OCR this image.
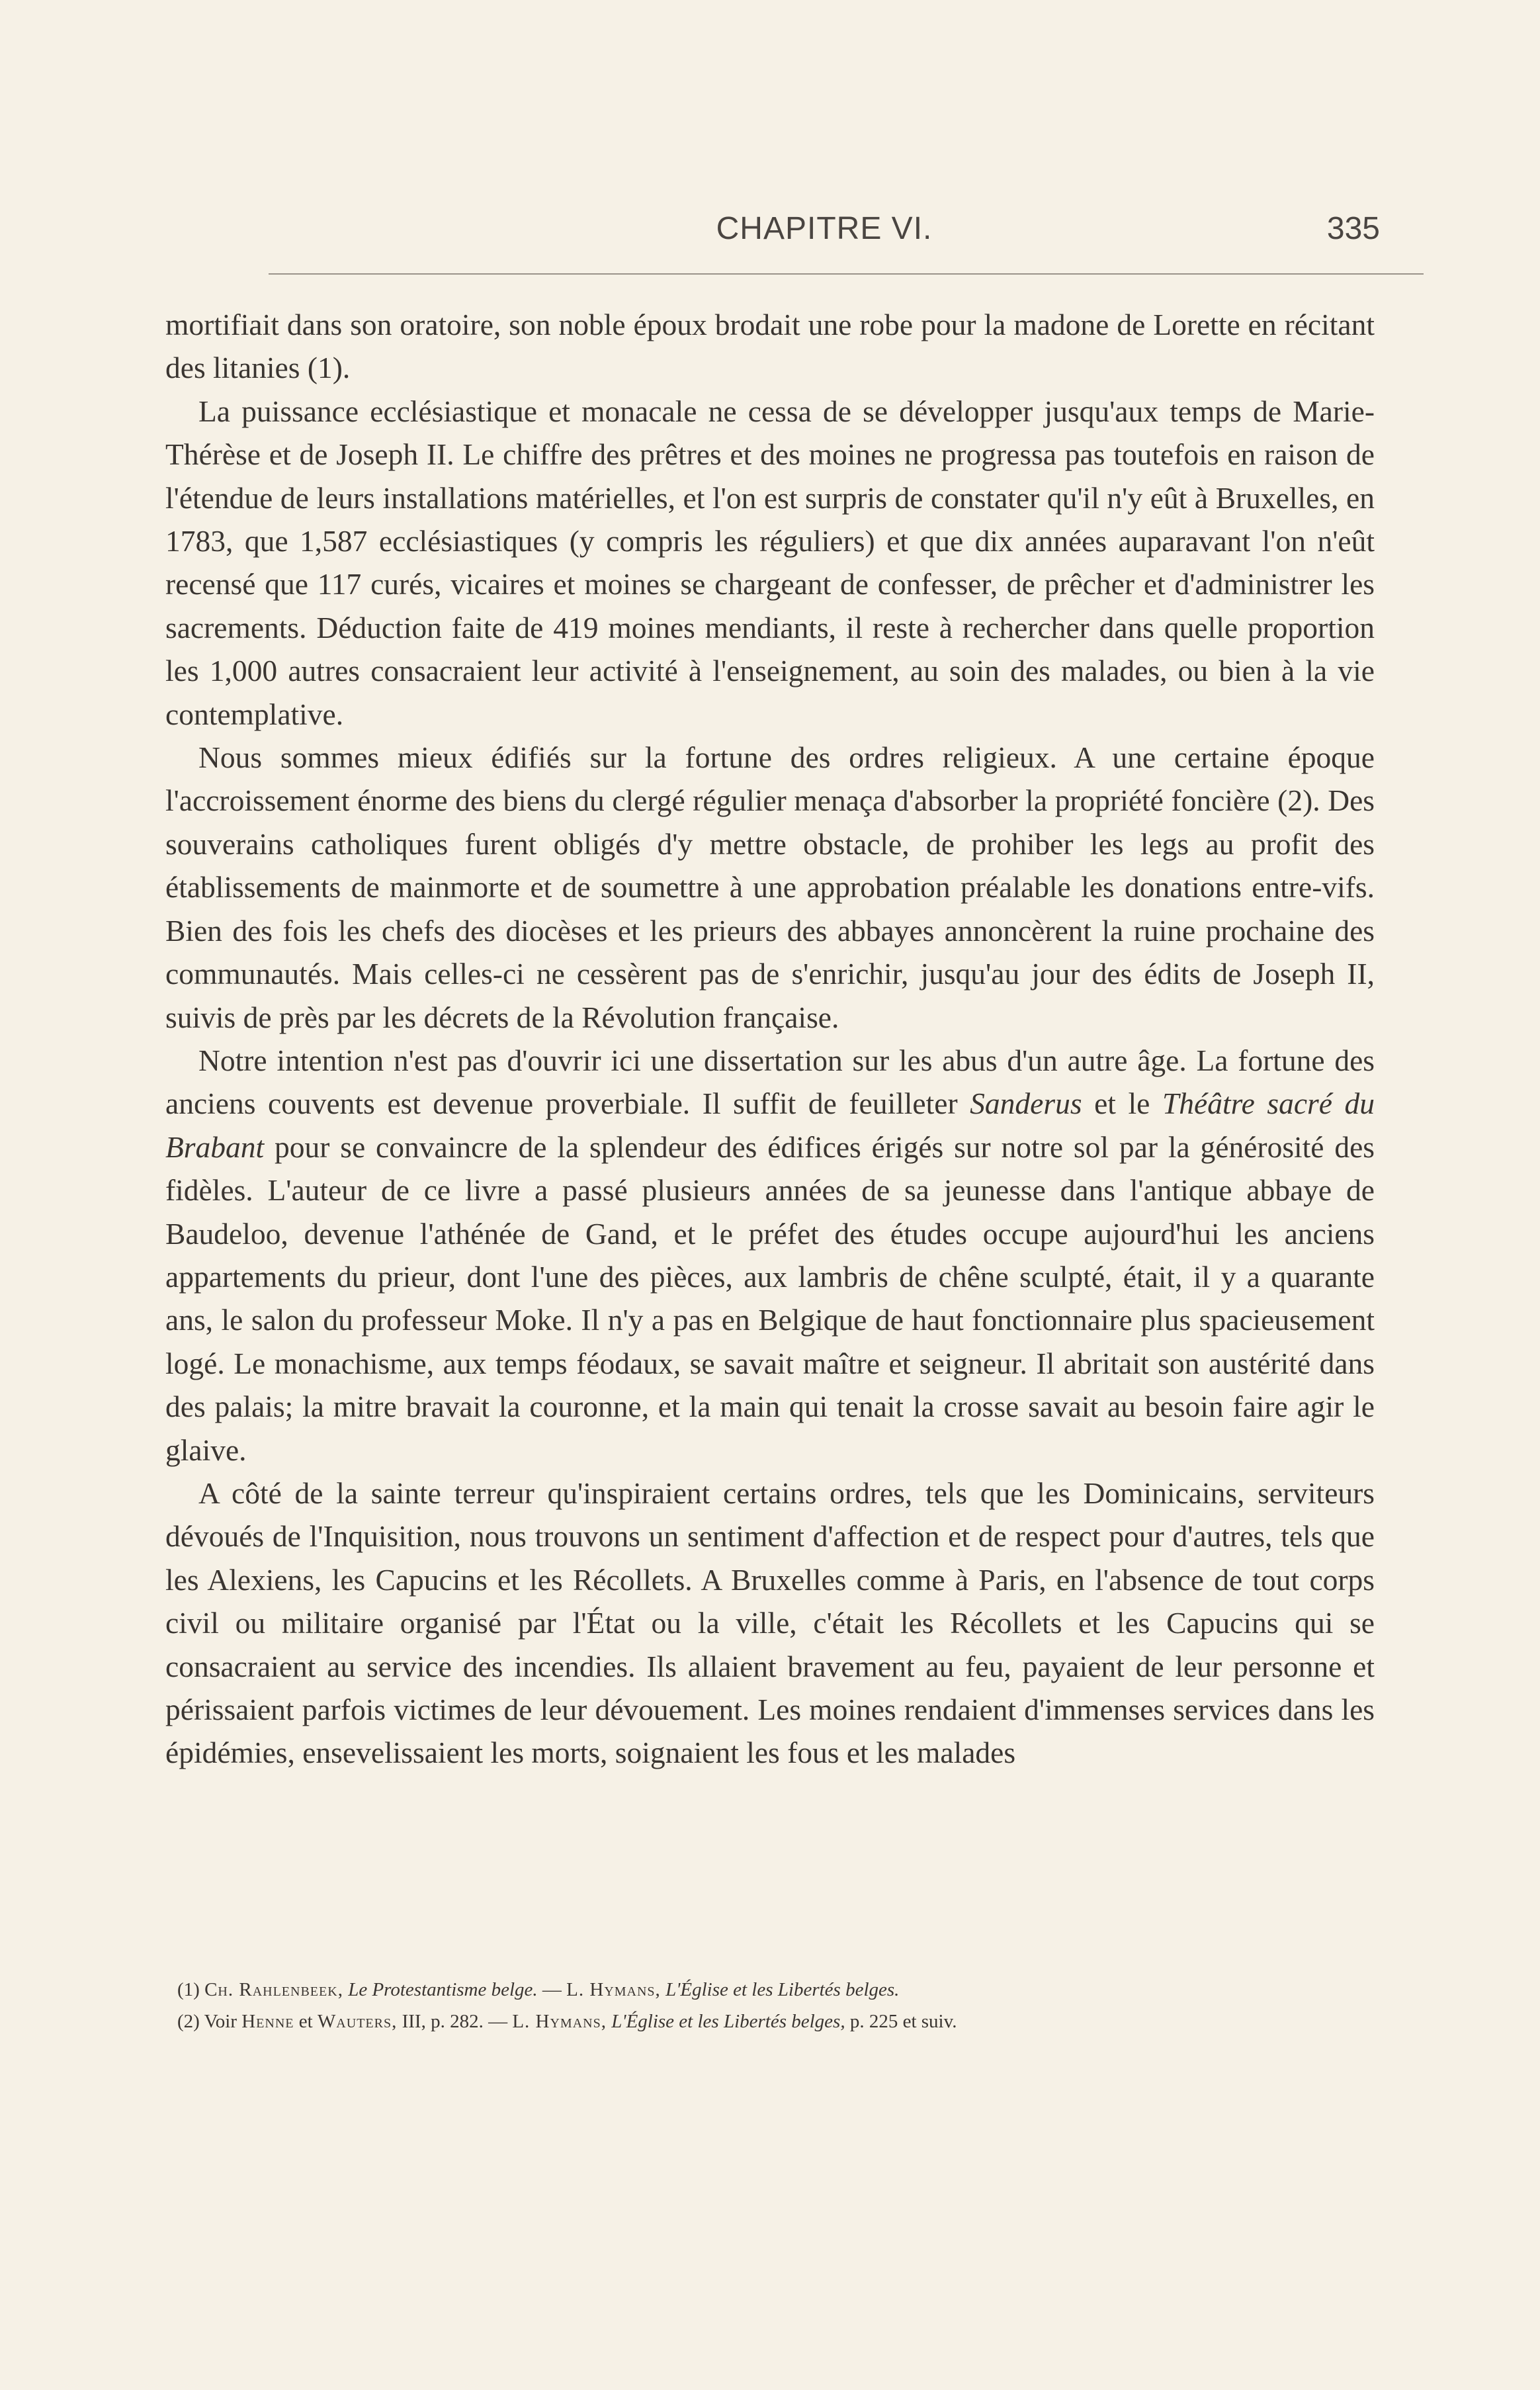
CHAPITRE VI.	335

mortifiait dans son oratoire, son noble époux brodait une robe pour la madone de Lorette en récitant des litanies (1).

La puissance ecclésiastique et monacale ne cessa de se développer jusqu'aux temps de Marie-Thérèse et de Joseph II. Le chiffre des prêtres et des moines ne progressa pas toutefois en raison de l'étendue de leurs installations matérielles, et l'on est surpris de constater qu'il n'y eût à Bruxelles, en 1783, que 1,587 ecclésiastiques (y compris les réguliers) et que dix années auparavant l'on n'eût recensé que 117 curés, vicaires et moines se chargeant de confesser, de prêcher et d'administrer les sacrements. Déduction faite de 419 moines mendiants, il reste à rechercher dans quelle proportion les 1,000 autres consacraient leur activité à l'enseignement, au soin des malades, ou bien à la vie contemplative.

Nous sommes mieux édifiés sur la fortune des ordres religieux. A une certaine époque l'accroissement énorme des biens du clergé régulier menaça d'absorber la propriété foncière (2). Des souverains catholiques furent obligés d'y mettre obstacle, de prohiber les legs au profit des établissements de mainmorte et de soumettre à une approbation préalable les donations entre-vifs. Bien des fois les chefs des diocèses et les prieurs des abbayes annoncèrent la ruine prochaine des communautés. Mais celles-ci ne cessèrent pas de s'enrichir, jusqu'au jour des édits de Joseph II, suivis de près par les décrets de la Révolution française.

Notre intention n'est pas d'ouvrir ici une dissertation sur les abus d'un autre âge. La fortune des anciens couvents est devenue proverbiale. Il suffit de feuilleter Sanderus et le Théâtre sacré du Brabant pour se convaincre de la splendeur des édifices érigés sur notre sol par la générosité des fidèles. L'auteur de ce livre a passé plusieurs années de sa jeunesse dans l'antique abbaye de Baudeloo, devenue l'athénée de Gand, et le préfet des études occupe aujourd'hui les anciens appartements du prieur, dont l'une des pièces, aux lambris de chêne sculpté, était, il y a quarante ans, le salon du professeur Moke. Il n'y a pas en Belgique de haut fonctionnaire plus spacieusement logé. Le monachisme, aux temps féodaux, se savait maître et seigneur. Il abritait son austérité dans des palais; la mitre bravait la couronne, et la main qui tenait la crosse savait au besoin faire agir le glaive.

A côté de la sainte terreur qu'inspiraient certains ordres, tels que les Dominicains, serviteurs dévoués de l'Inquisition, nous trouvons un sentiment d'affection et de respect pour d'autres, tels que les Alexiens, les Capucins et les Récollets. A Bruxelles comme à Paris, en l'absence de tout corps civil ou militaire organisé par l'État ou la ville, c'était les Récollets et les Capucins qui se consacraient au service des incendies. Ils allaient bravement au feu, payaient de leur personne et périssaient parfois victimes de leur dévouement. Les moines rendaient d'immenses services dans les épidémies, ensevelissaient les morts, soignaient les fous et les malades

(1) Ch. Rahlenbeek, Le Protestantisme belge. — L. Hymans, L'Église et les Libertés belges.

(2) Voir Henne et Wauters, III, p. 282. — L. Hymans, L'Église et les Libertés belges, p. 225 et suiv.
